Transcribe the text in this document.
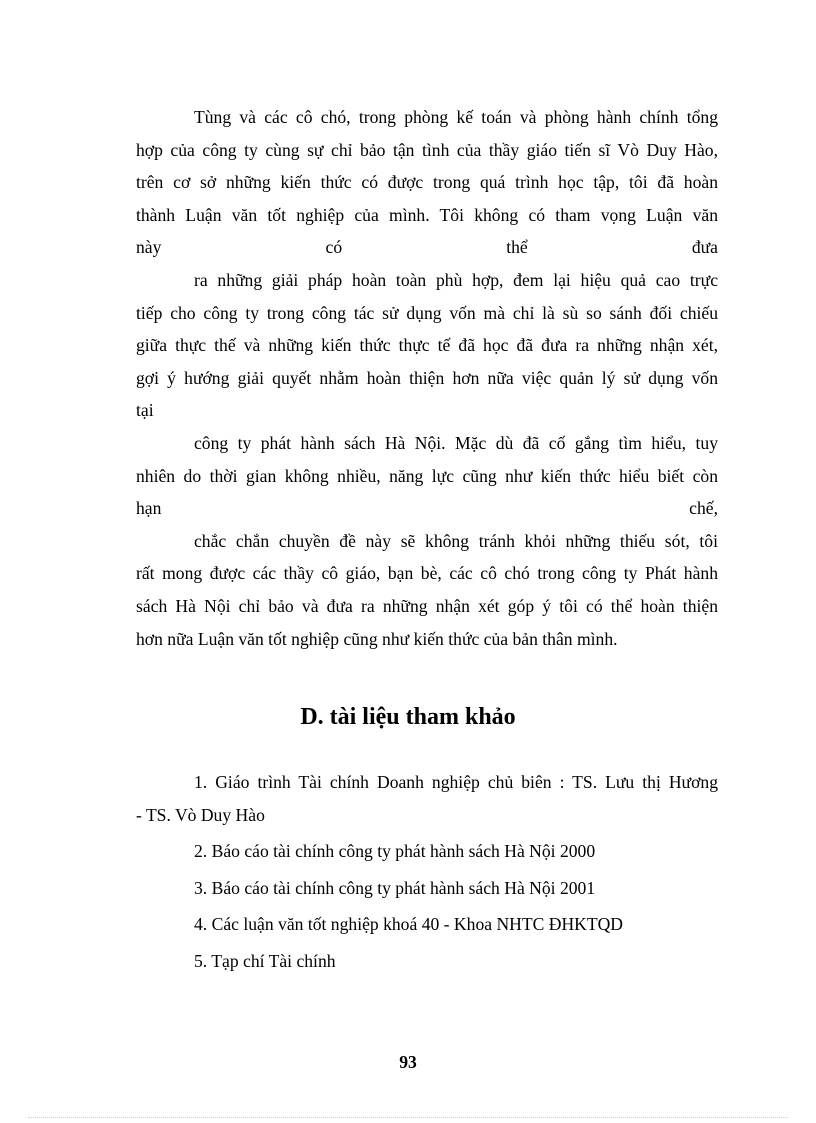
Tùng và các cô chó, trong phòng kế toán và phòng hành chính tổng
hợp của công ty cùng sự chỉ bảo tận tình của thầy giáo tiến sĩ Vò Duy Hào,
trên cơ sở những kiến thức có được trong quá trình học tập, tôi đã hoàn
thành Luận văn tốt nghiệp của mình. Tôi không có tham vọng Luận văn
này có thể đưa
ra những giải pháp hoàn toàn phù hợp, đem lại hiệu quả cao trực
tiếp cho công ty trong công tác sử dụng vốn mà chỉ là sù so sánh đối chiếu
giữa thực thế và những kiến thức thực tế đã học đã đưa ra những nhận xét,
gợi ý hướng giải quyết nhằm hoàn thiện hơn nữa việc quản lý sử dụng vốn
tại
công ty phát hành sách Hà Nội. Mặc dù đã cố gắng tìm hiểu, tuy
nhiên do thời gian không nhiều, năng lực cũng như kiến thức hiểu biết còn
hạn chế,
chắc chắn chuyền đề này sẽ không tránh khỏi những thiếu sót, tôi
rất mong được các thầy cô giáo, bạn bè, các cô chó trong công ty Phát hành
sách Hà Nội chỉ bảo và đưa ra những nhận xét góp ý tôi có thể hoàn thiện
hơn nữa Luận văn tốt nghiệp cũng như kiến thức của bản thân mình.
D. tài liệu tham khảo
1. Giáo trình Tài chính Doanh nghiệp chủ biên : TS. Lưu thị Hương
- TS. Vò Duy Hào
2. Báo cáo tài chính công ty phát hành sách Hà Nội 2000
3. Báo cáo tài chính công ty phát hành sách Hà Nội 2001
4. Các luận văn tốt nghiệp khoá 40 - Khoa NHTC ĐHKTQD
5. Tạp chí Tài chính
93
